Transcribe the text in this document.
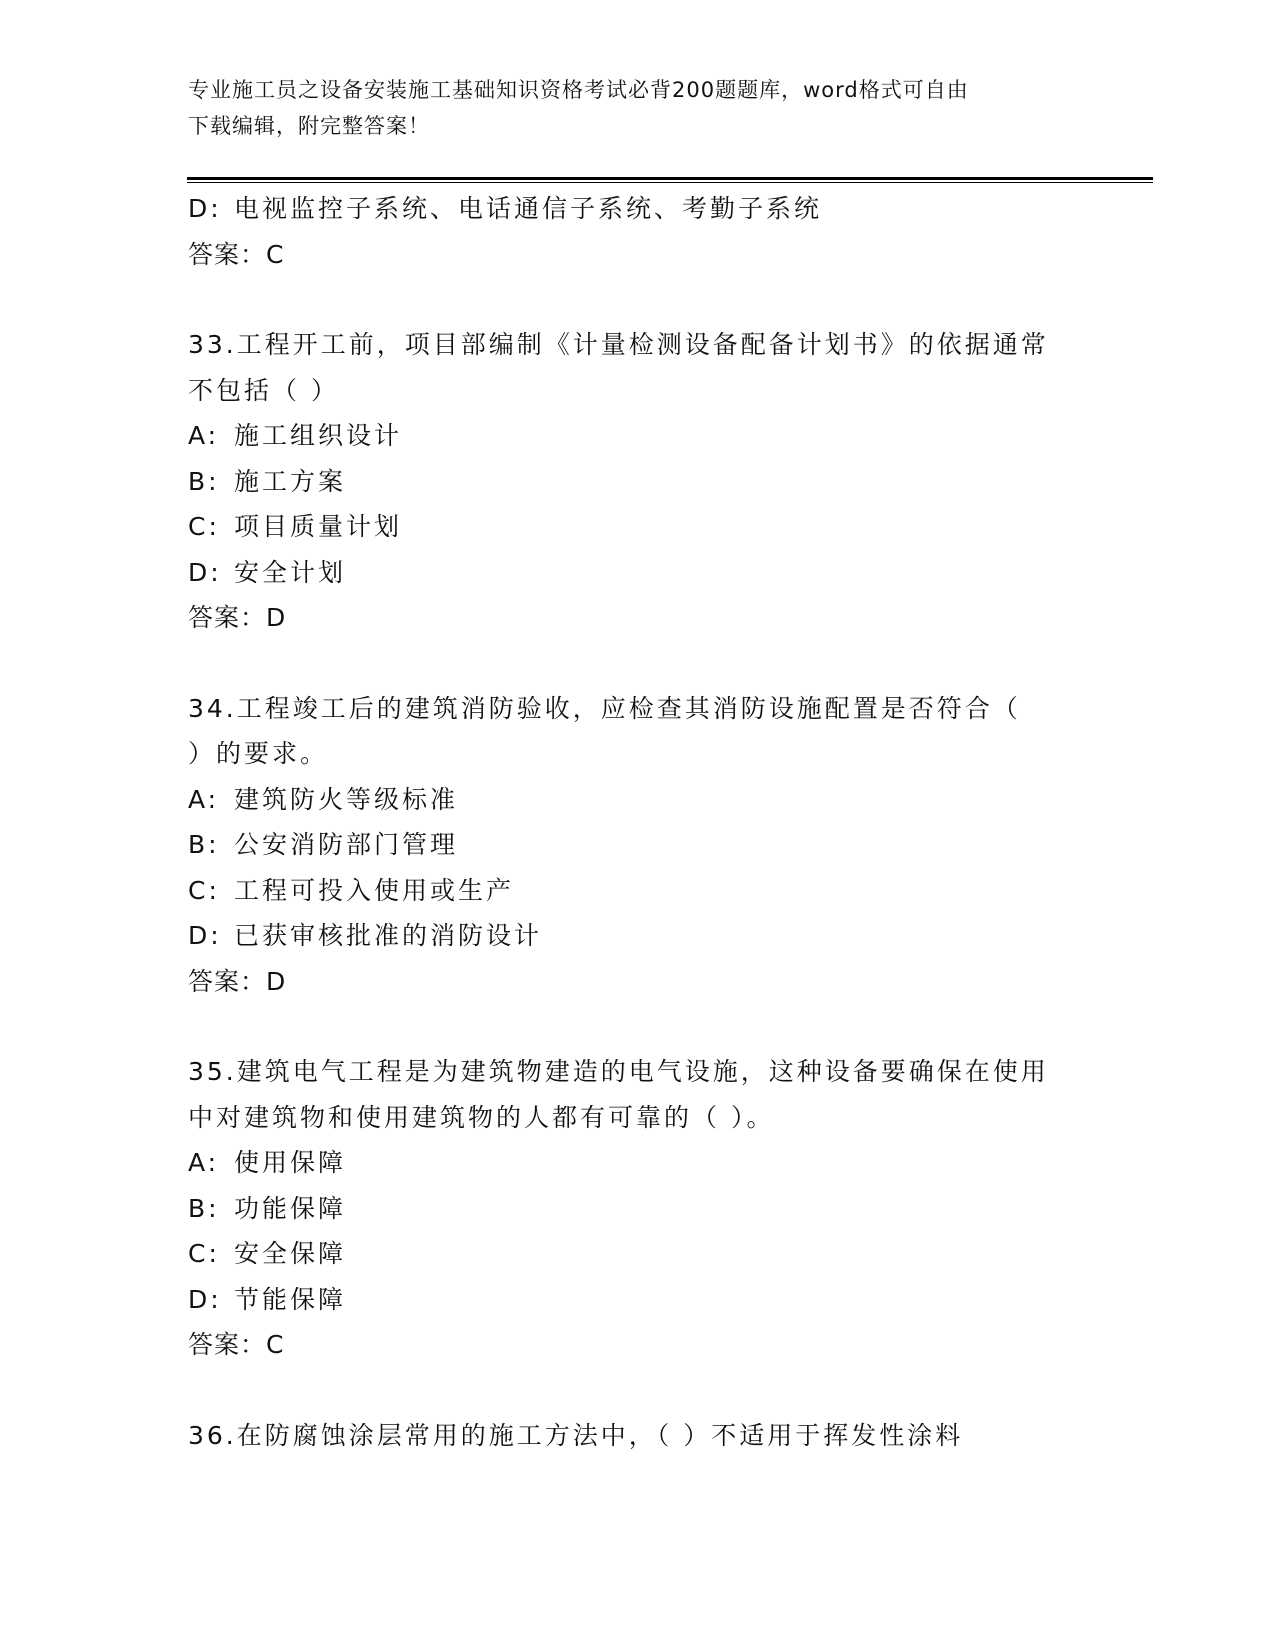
专业施工员之设备安装施工基础知识资格考试必背200题题库，word格式可自由
下载编辑，附完整答案！
D: 电视监控子系统、电话通信子系统、考勤子系统
答案：C
33.工程开工前，项目部编制《计量检测设备配备计划书》的依据通常
不包括（ ）
A: 施工组织设计
B: 施工方案
C: 项目质量计划
D: 安全计划
答案：D
34.工程竣工后的建筑消防验收，应检查其消防设施配置是否符合（
）的要求。
A: 建筑防火等级标准
B: 公安消防部门管理
C: 工程可投入使用或生产
D: 已获审核批准的消防设计
答案：D
35.建筑电气工程是为建筑物建造的电气设施，这种设备要确保在使用
中对建筑物和使用建筑物的人都有可靠的（ ）。
A: 使用保障
B: 功能保障
C: 安全保障
D: 节能保障
答案：C
36.在防腐蚀涂层常用的施工方法中，（ ）不适用于挥发性涂料
